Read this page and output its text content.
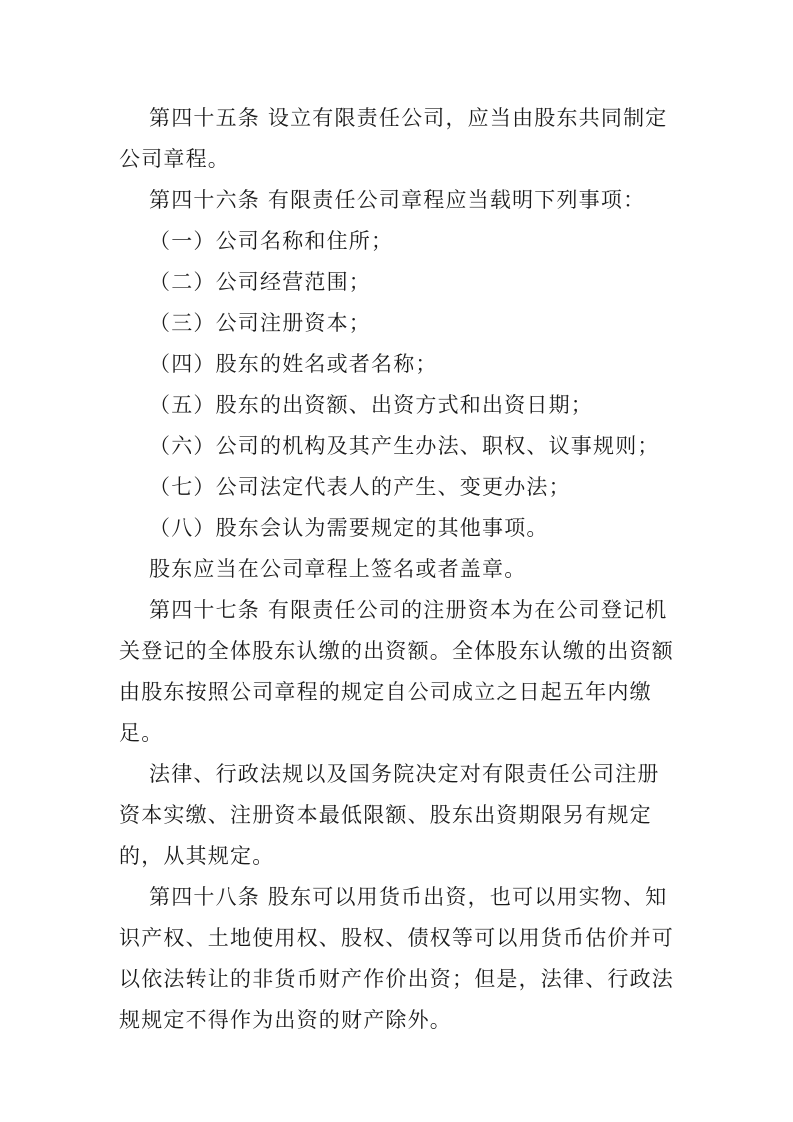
第四十五条 设立有限责任公司，应当由股东共同制定公司章程。

第四十六条 有限责任公司章程应当载明下列事项：

（一）公司名称和住所；

（二）公司经营范围；

（三）公司注册资本；

（四）股东的姓名或者名称；

（五）股东的出资额、出资方式和出资日期；

（六）公司的机构及其产生办法、职权、议事规则；

（七）公司法定代表人的产生、变更办法；

（八）股东会认为需要规定的其他事项。

股东应当在公司章程上签名或者盖章。

第四十七条 有限责任公司的注册资本为在公司登记机关登记的全体股东认缴的出资额。全体股东认缴的出资额由股东按照公司章程的规定自公司成立之日起五年内缴足。

法律、行政法规以及国务院决定对有限责任公司注册资本实缴、注册资本最低限额、股东出资期限另有规定的，从其规定。

第四十八条 股东可以用货币出资，也可以用实物、知识产权、土地使用权、股权、债权等可以用货币估价并可以依法转让的非货币财产作价出资；但是，法律、行政法规规定不得作为出资的财产除外。
